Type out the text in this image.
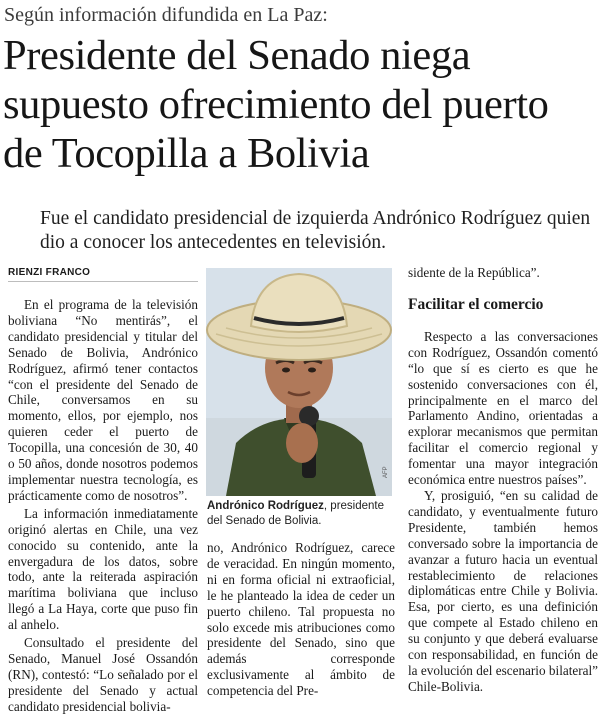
Según información difundida en La Paz:
Presidente del Senado niega supuesto ofrecimiento del puerto de Tocopilla a Bolivia
Fue el candidato presidencial de izquierda Andrónico Rodríguez quien dio a conocer los antecedentes en televisión.
RIENZI FRANCO

En el programa de la televisión boliviana “No mentirás”, el candidato presidencial y titular del Senado de Bolivia, Andrónico Rodríguez, afirmó tener contactos “con el presidente del Senado de Chile, conversamos en su momento, ellos, por ejemplo, nos quieren ceder el puerto de Tocopilla, una concesión de 30, 40 o 50 años, donde nosotros podemos implementar nuestra tecnología, es prácticamente como de nosotros”.

La información inmediatamente originó alertas en Chile, una vez conocido su contenido, ante la envergadura de los datos, sobre todo, ante la reiterada aspiración marítima boliviana que incluso llegó a La Haya, corte que puso fin al anhelo.

Consultado el presidente del Senado, Manuel José Ossandón (RN), contestó: “Lo señalado por el presidente del Senado y actual candidato presidencial bolivia-

AFP
Andrónico Rodríguez, presidente del Senado de Bolivia.

no, Andrónico Rodríguez, carece de veracidad. En ningún momento, ni en forma oficial ni extraoficial, le he planteado la idea de ceder un puerto chileno. Tal propuesta no solo excede mis atribuciones como presidente del Senado, sino que además corresponde exclusivamente al ámbito de competencia del Pre-

sidente de la República”.

Facilitar el comercio

Respecto a las conversaciones con Rodríguez, Ossandón comentó “lo que sí es cierto es que he sostenido conversaciones con él, principalmente en el marco del Parlamento Andino, orientadas a explorar mecanismos que permitan facilitar el comercio regional y fomentar una mayor integración económica entre nuestros países”.

Y, prosiguió, “en su calidad de candidato, y eventualmente futuro Presidente, también hemos conversado sobre la importancia de avanzar a futuro hacia un eventual restablecimiento de relaciones diplomáticas entre Chile y Bolivia. Esa, por cierto, es una definición que compete al Estado chileno en su conjunto y que deberá evaluarse con responsabilidad, en función de la evolución del escenario bilateral” Chile-Bolivia.
